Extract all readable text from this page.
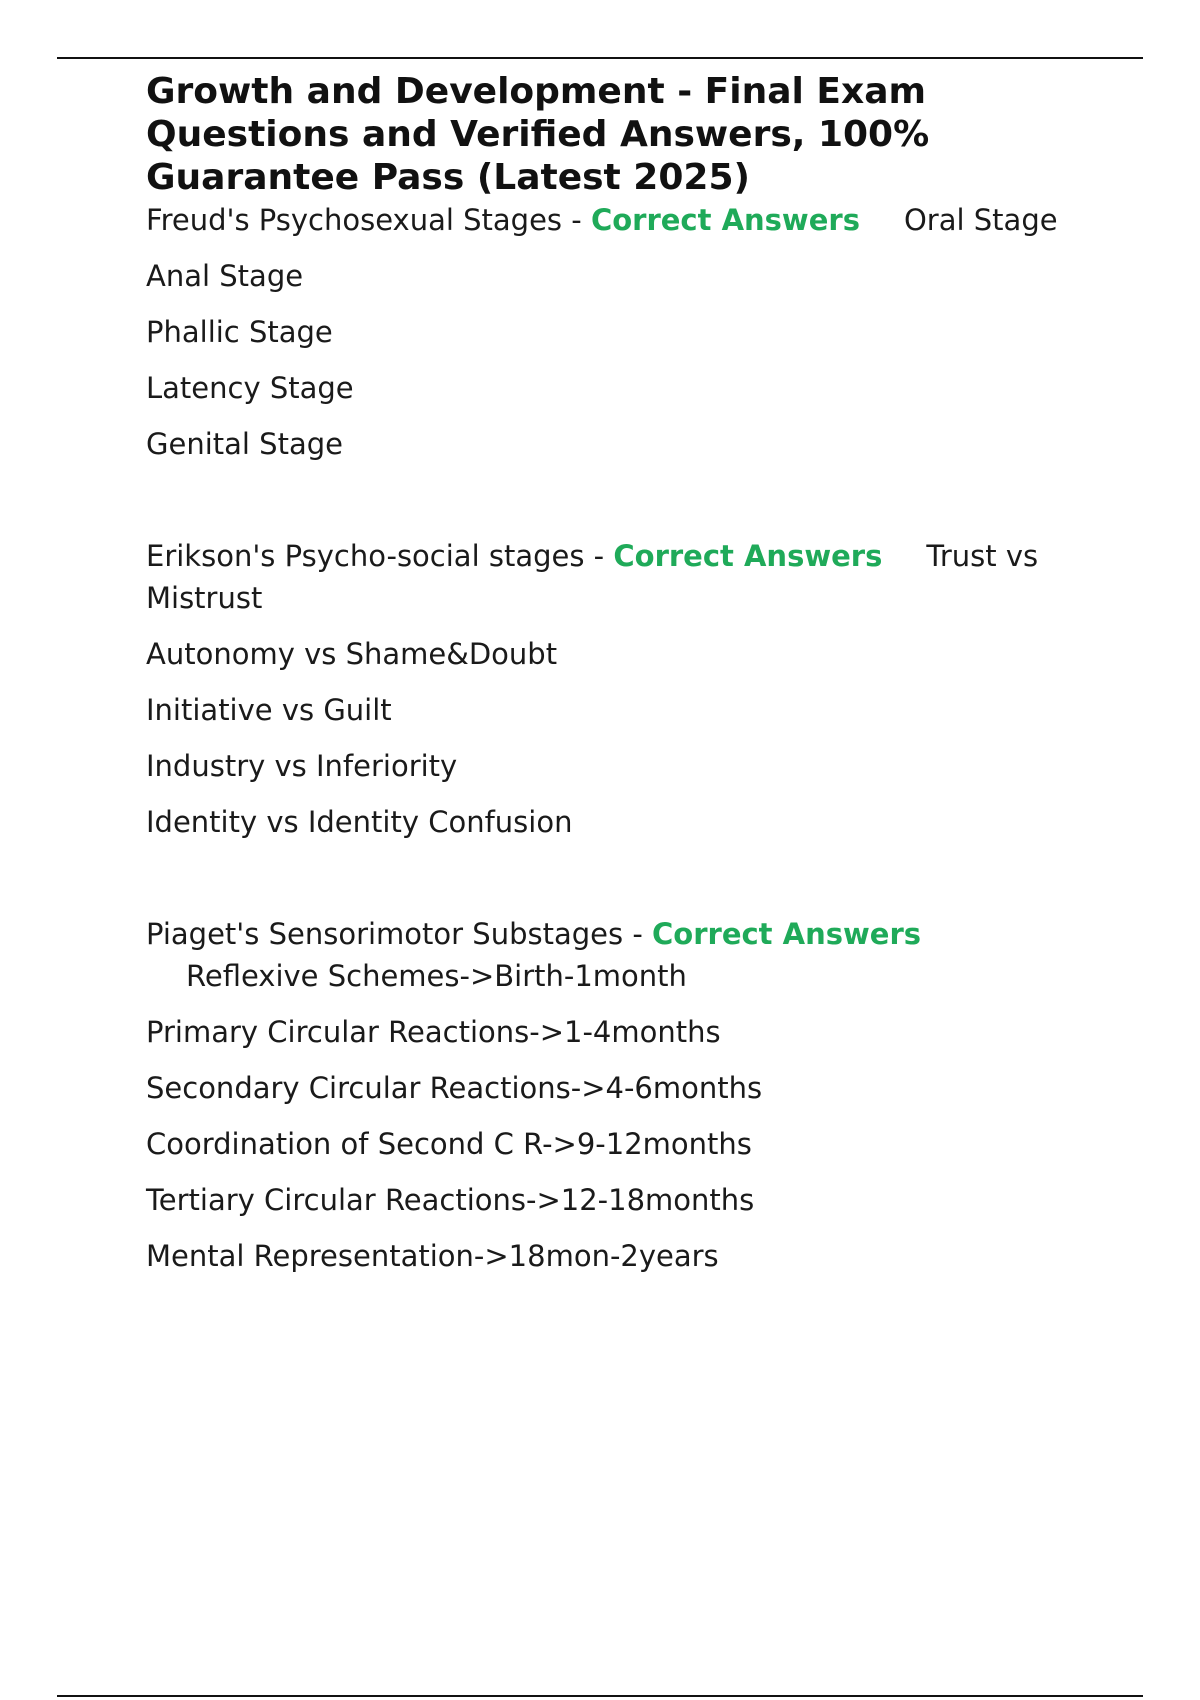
Growth and Development - Final Exam Questions and Verified Answers, 100% Guarantee Pass (Latest 2025)

Freud's Psychosexual Stages - Correct Answers Oral Stage

Anal Stage

Phallic Stage

Latency Stage

Genital Stage

Erikson's Psycho-social stages - Correct Answers Trust vs Mistrust

Autonomy vs Shame&Doubt

Initiative vs Guilt

Industry vs Inferiority

Identity vs Identity Confusion

Piaget's Sensorimotor Substages - Correct Answers
Reflexive Schemes->Birth-1month

Primary Circular Reactions->1-4months

Secondary Circular Reactions->4-6months

Coordination of Second C R->9-12months

Tertiary Circular Reactions->12-18months

Mental Representation->18mon-2years
